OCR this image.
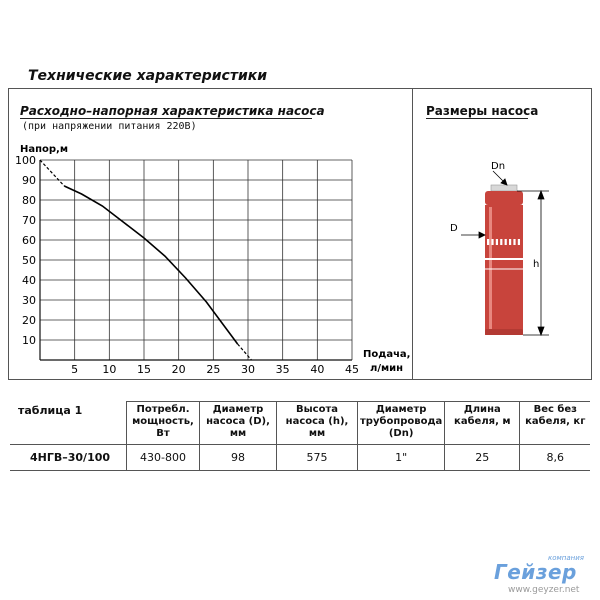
Технические характеристики
Расходно–напорная характеристика насоса
(при напряжении питания 220В)
Напор,м
5 10 15 20 25 30 35 40 45
100
90
80
70
60
50
40
30
20
10
Подача,
л/мин
Размеры насоса
Dn
D
h
	Потребл. мощность, Вт	Диаметр насоса (D), мм	Высота насоса (h), мм	Диаметр трубопровода (Dn)	Длина кабеля, м	Вес без кабеля, кг
4НГВ–30/100	430-800	98	575	1"	25	8,6
таблица 1
компания
Гейзер
www.geyzer.net
